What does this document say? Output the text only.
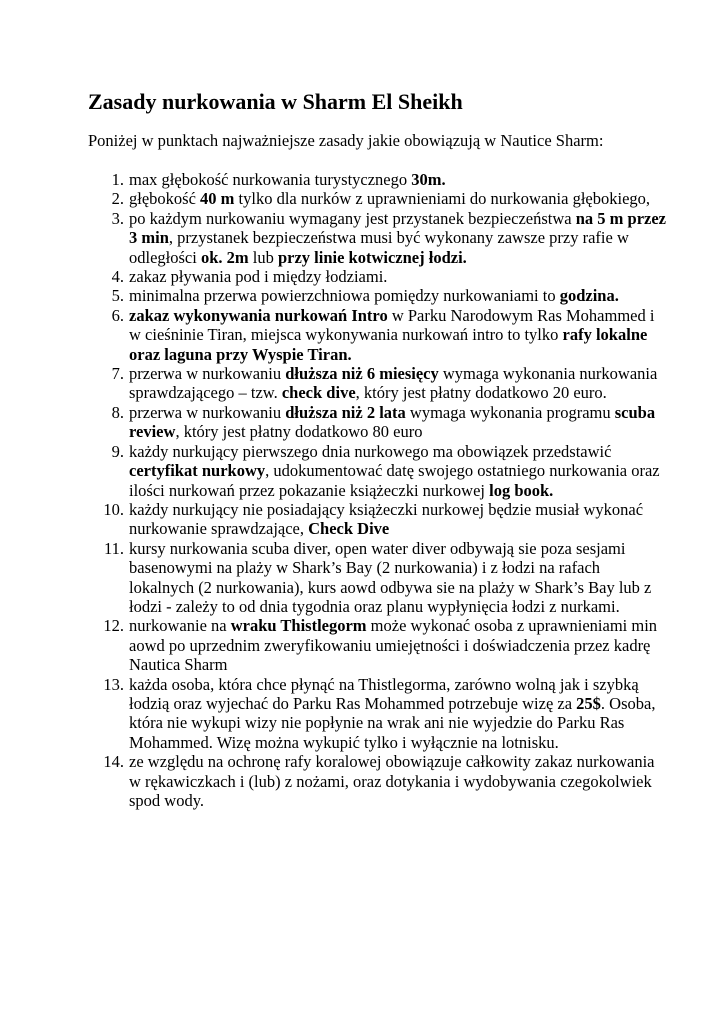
Zasady nurkowania w Sharm El Sheikh

Poniżej w punktach najważniejsze zasady jakie obowiązują w Nautice Sharm:

1. max głębokość nurkowania turystycznego 30m.
2. głębokość 40 m tylko dla nurków z uprawnieniami do nurkowania głębokiego,
3. po każdym nurkowaniu wymagany jest przystanek bezpieczeństwa na 5 m przez 3 min, przystanek bezpieczeństwa musi być wykonany zawsze przy rafie w odległości ok. 2m lub przy linie kotwicznej łodzi.
4. zakaz pływania pod i między łodziami.
5. minimalna przerwa powierzchniowa pomiędzy nurkowaniami to godzina.
6. zakaz wykonywania nurkowań Intro w Parku Narodowym Ras Mohammed i w cieśninie Tiran, miejsca wykonywania nurkowań intro to tylko rafy lokalne oraz laguna przy Wyspie Tiran.
7. przerwa w nurkowaniu dłuższa niż 6 miesięcy wymaga wykonania nurkowania sprawdzającego – tzw. check dive, który jest płatny dodatkowo 20 euro.
8. przerwa w nurkowaniu dłuższa niż 2 lata wymaga wykonania programu scuba review, który jest płatny dodatkowo 80 euro
9. każdy nurkujący pierwszego dnia nurkowego ma obowiązek przedstawić certyfikat nurkowy, udokumentować datę swojego ostatniego nurkowania oraz ilości nurkowań przez pokazanie książeczki nurkowej log book.
10. każdy nurkujący nie posiadający książeczki nurkowej będzie musiał wykonać nurkowanie sprawdzające, Check Dive
11. kursy nurkowania scuba diver, open water diver odbywają sie poza sesjami basenowymi na plaży w Shark’s Bay (2 nurkowania) i z łodzi na rafach lokalnych (2 nurkowania), kurs aowd odbywa sie na plaży w Shark’s Bay lub z łodzi - zależy to od dnia tygodnia oraz planu wypłynięcia łodzi z nurkami.
12. nurkowanie na wraku Thistlegorm może wykonać osoba z uprawnieniami min aowd po uprzednim zweryfikowaniu umiejętności i doświadczenia przez kadrę Nautica Sharm
13. każda osoba, która chce płynąć na Thistlegorma, zarówno wolną jak i szybką łodzią oraz wyjechać do Parku Ras Mohammed potrzebuje wizę za 25$. Osoba, która nie wykupi wizy nie popłynie na wrak ani nie wyjedzie do Parku Ras Mohammed. Wizę można wykupić tylko i wyłącznie na lotnisku.
14. ze względu na ochronę rafy koralowej obowiązuje całkowity zakaz nurkowania w rękawiczkach i (lub) z nożami, oraz dotykania i wydobywania czegokolwiek spod wody.
